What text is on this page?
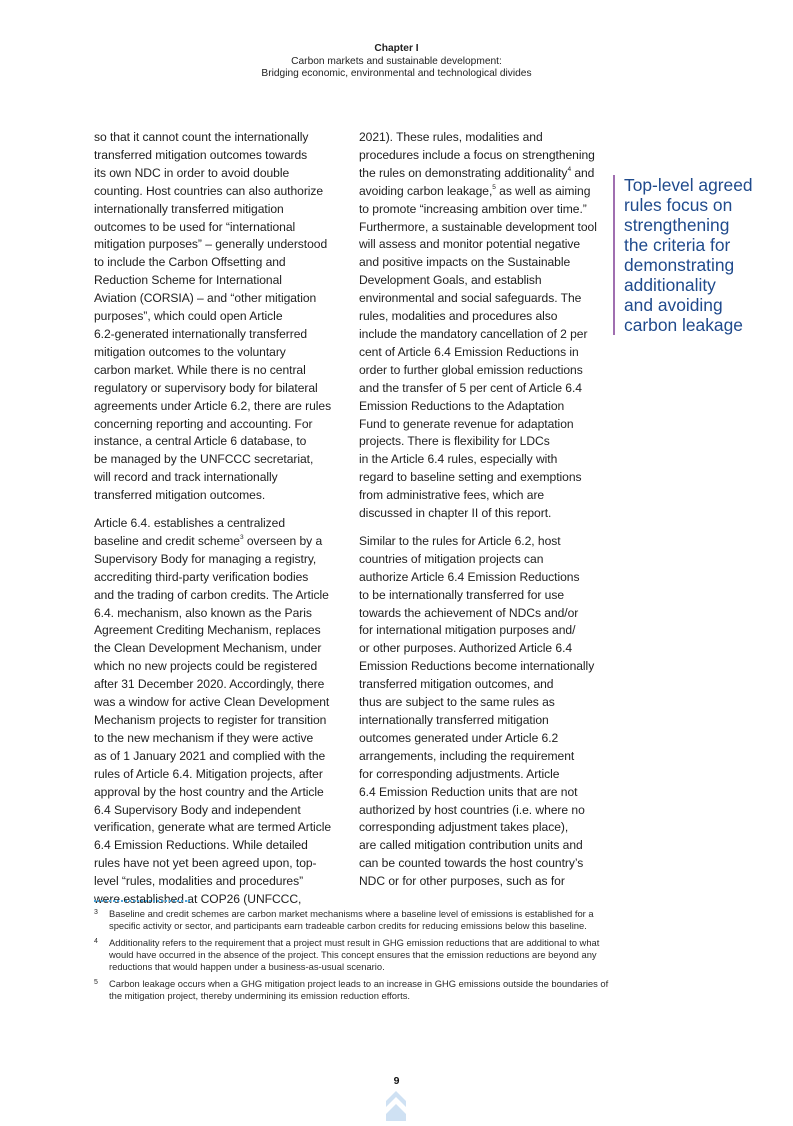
Chapter I
Carbon markets and sustainable development:
Bridging economic, environmental and technological divides

so that it cannot count the internationally
transferred mitigation outcomes towards
its own NDC in order to avoid double
counting. Host countries can also authorize
internationally transferred mitigation
outcomes to be used for “international
mitigation purposes” – generally understood
to include the Carbon Offsetting and
Reduction Scheme for International
Aviation (CORSIA) – and “other mitigation
purposes”, which could open Article
6.2-generated internationally transferred
mitigation outcomes to the voluntary
carbon market. While there is no central
regulatory or supervisory body for bilateral
agreements under Article 6.2, there are rules
concerning reporting and accounting. For
instance, a central Article 6 database, to
be managed by the UNFCCC secretariat,
will record and track internationally
transferred mitigation outcomes.

Article 6.4. establishes a centralized
baseline and credit scheme$^3$ overseen by a
Supervisory Body for managing a registry,
accrediting third-party verification bodies
and the trading of carbon credits. The Article
6.4. mechanism, also known as the Paris
Agreement Crediting Mechanism, replaces
the Clean Development Mechanism, under
which no new projects could be registered
after 31 December 2020. Accordingly, there
was a window for active Clean Development
Mechanism projects to register for transition
to the new mechanism if they were active
as of 1 January 2021 and complied with the
rules of Article 6.4. Mitigation projects, after
approval by the host country and the Article
6.4 Supervisory Body and independent
verification, generate what are termed Article
6.4 Emission Reductions. While detailed
rules have not yet been agreed upon, top-
level “rules, modalities and procedures”
were established at COP26 (UNFCCC,

2021). These rules, modalities and
procedures include a focus on strengthening
the rules on demonstrating additionality$^4$ and
avoiding carbon leakage,$^5$ as well as aiming
to promote “increasing ambition over time.”
Furthermore, a sustainable development tool
will assess and monitor potential negative
and positive impacts on the Sustainable
Development Goals, and establish
environmental and social safeguards. The
rules, modalities and procedures also
include the mandatory cancellation of 2 per
cent of Article 6.4 Emission Reductions in
order to further global emission reductions
and the transfer of 5 per cent of Article 6.4
Emission Reductions to the Adaptation
Fund to generate revenue for adaptation
projects. There is flexibility for LDCs
in the Article 6.4 rules, especially with
regard to baseline setting and exemptions
from administrative fees, which are
discussed in chapter II of this report.

Similar to the rules for Article 6.2, host
countries of mitigation projects can
authorize Article 6.4 Emission Reductions
to be internationally transferred for use
towards the achievement of NDCs and/or
for international mitigation purposes and/
or other purposes. Authorized Article 6.4
Emission Reductions become internationally
transferred mitigation outcomes, and
thus are subject to the same rules as
internationally transferred mitigation
outcomes generated under Article 6.2
arrangements, including the requirement
for corresponding adjustments. Article
6.4 Emission Reduction units that are not
authorized by host countries (i.e. where no
corresponding adjustment takes place),
are called mitigation contribution units and
can be counted towards the host country’s
NDC or for other purposes, such as for

Top-level agreed
rules focus on
strengthening
the criteria for
demonstrating
additionality
and avoiding
carbon leakage
3 Baseline and credit schemes are carbon market mechanisms where a baseline level of emissions is established for a specific activity or sector, and participants earn tradeable carbon credits for reducing emissions below this baseline.
4 Additionality refers to the requirement that a project must result in GHG emission reductions that are additional to what would have occurred in the absence of the project. This concept ensures that the emission reductions are beyond any reductions that would happen under a business-as-usual scenario.
5 Carbon leakage occurs when a GHG mitigation project leads to an increase in GHG emissions outside the boundaries of the mitigation project, thereby undermining its emission reduction efforts.
9
